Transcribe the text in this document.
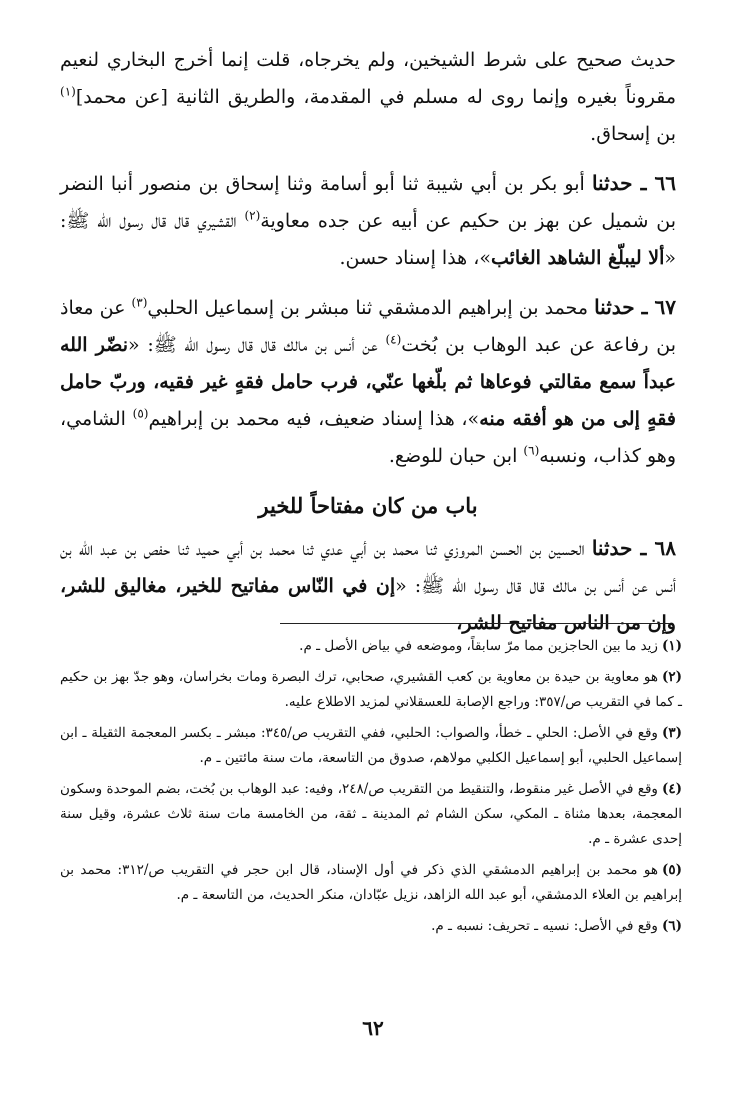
حديث صحيح على شرط الشيخين، ولم يخرجاه، قلت إنما أخرج البخاري لنعيم مقروناً بغيره وإنما روى له مسلم في المقدمة، والطريق الثانية [عن محمد]$^{(١)}$ بن إسحاق.

٦٦ ـ حدثنا أبو بكر بن أبي شيبة ثنا أبو أسامة وثنا إسحاق بن منصور أنبا النضر بن شميل عن بهز بن حكيم عن أبيه عن جده معاوية$^{(٢)}$ القشيري قال قال رسول الله ﷺ: «ألا ليبلّغ الشاهد الغائب»، هذا إسناد حسن.

٦٧ ـ حدثنا محمد بن إبراهيم الدمشقي ثنا مبشر بن إسماعيل الحلبي$^{(٣)}$ عن معاذ بن رفاعة عن عبد الوهاب بن بُخت$^{(٤)}$ عن أنس بن مالك قال قال رسول الله ﷺ: «نضّر الله عبداً سمع مقالتي فوعاها ثم بلّغها عنّي، فرب حامل فقهٍ غير فقيه، وربّ حامل فقهٍ إلى من هو أفقه منه»، هذا إسناد ضعيف، فيه محمد بن إبراهيم$^{(٥)}$ الشامي، وهو كذاب، ونسبه$^{(٦)}$ ابن حبان للوضع.

باب من كان مفتاحاً للخير

٦٨ ـ حدثنا الحسين بن الحسن المروزي ثنا محمد بن أبي عدي ثنا محمد بن أبي حميد ثنا حفص بن عبد الله بن أنس عن أنس بن مالك قال قال رسول الله ﷺ: «إن في النّاس مفاتيح للخير، مغاليق للشر، وإن من الناس مفاتيح للشر،

(١)زيد ما بين الحاجزين مما مرّ سابقاً، وموضعه في بياض الأصل ـ م.

(٢)هو معاوية بن حيدة بن معاوية بن كعب القشيري، صحابي، ترك البصرة ومات بخراسان، وهو جدّ بهز بن حكيم ـ كما في التقريب ص/٣٥٧: وراجع الإصابة للعسقلاني لمزيد الاطلاع عليه.

(٣)وقع في الأصل: الحلي ـ خطأ، والصواب: الحلبي، ففي التقريب ص/٣٤٥: مبشر ـ بكسر المعجمة الثقيلة ـ ابن إسماعيل الحلبي، أبو إسماعيل الكلبي مولاهم، صدوق من التاسعة، مات سنة مائتين ـ م.

(٤)وقع في الأصل غير منقوط، والتنقيط من التقريب ص/٢٤٨، وفيه: عبد الوهاب بن بُخت، بضم الموحدة وسكون المعجمة، بعدها مثناة ـ المكي، سكن الشام ثم المدينة ـ ثقة، من الخامسة مات سنة ثلاث عشرة، وقيل سنة إحدى عشرة ـ م.

(٥)هو محمد بن إبراهيم الدمشقي الذي ذكر في أول الإسناد، قال ابن حجر في التقريب ص/٣١٢: محمد بن إبراهيم بن العلاء الدمشقي، أبو عبد الله الزاهد، نزيل عبّادان، منكر الحديث، من التاسعة ـ م.

(٦)وقع في الأصل: نسيه ـ تحريف: نسبه ـ م.

٦٢
